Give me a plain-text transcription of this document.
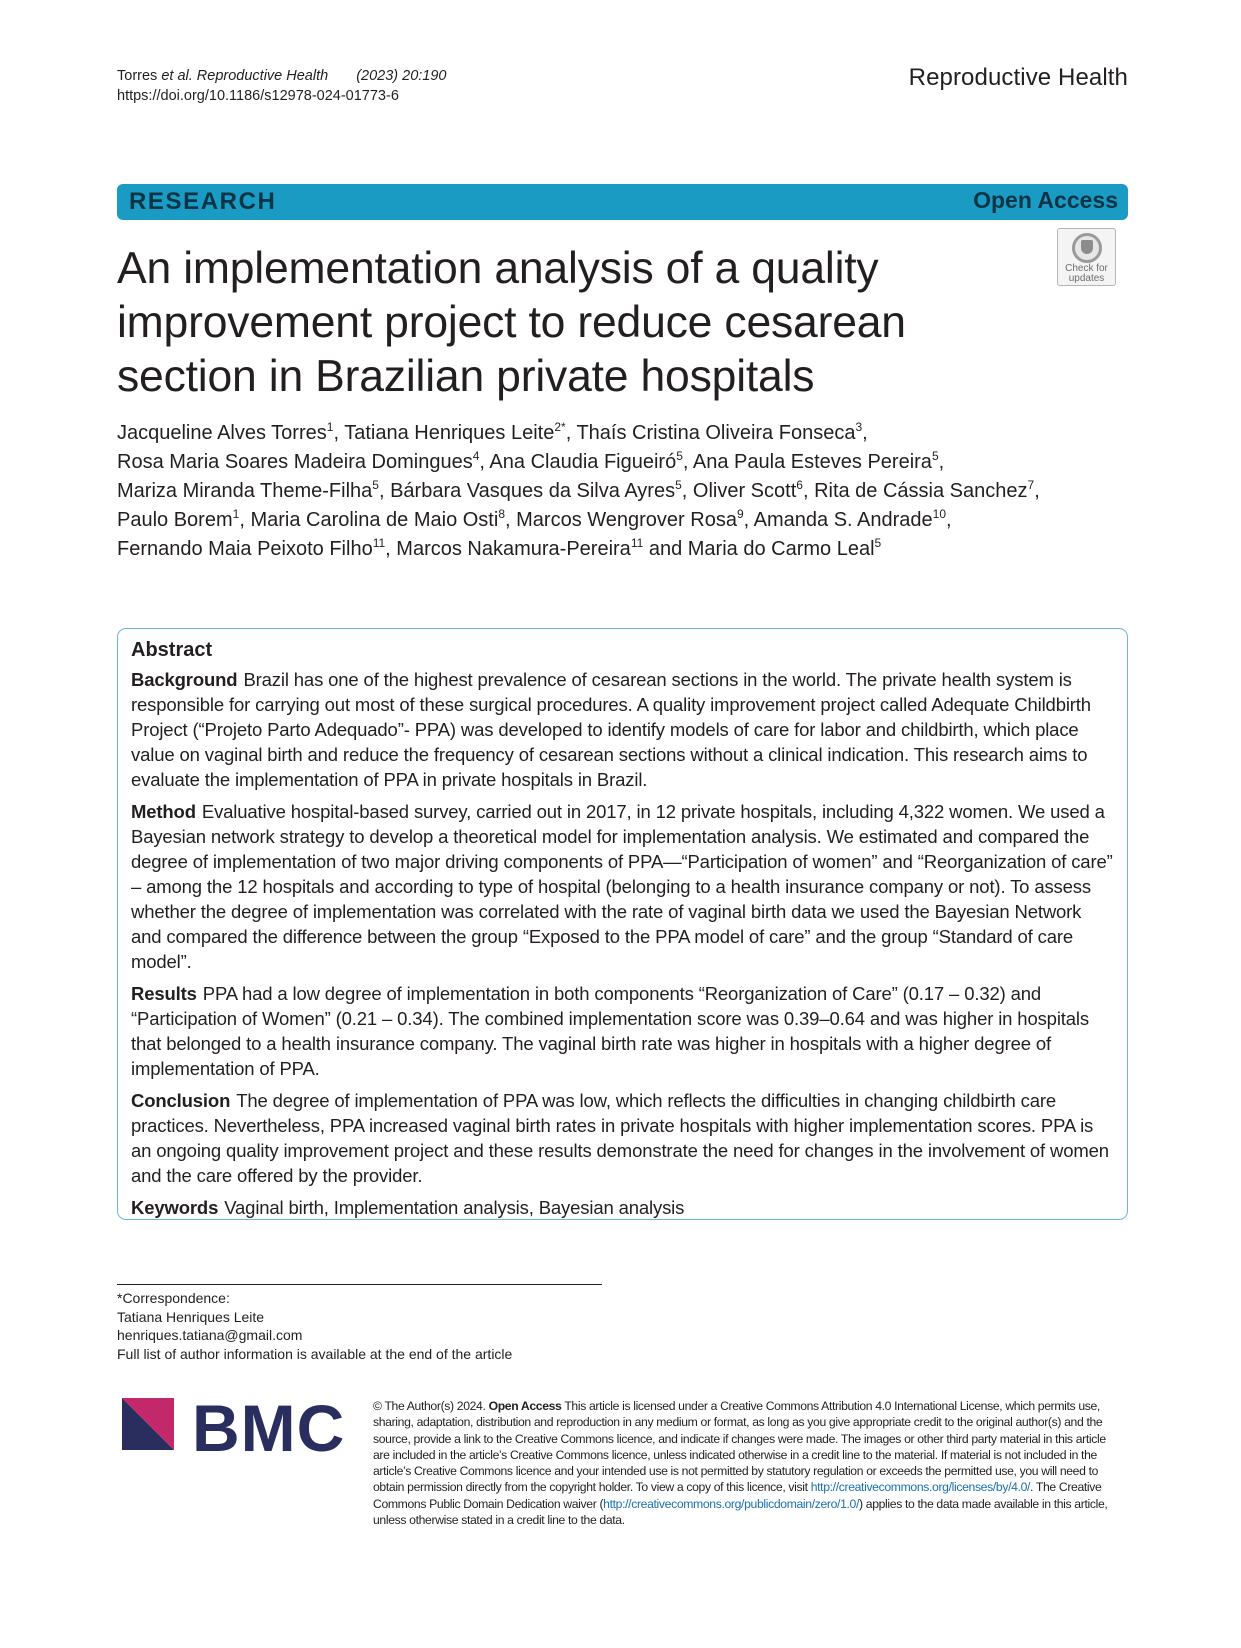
Torres et al. Reproductive Health (2023) 20:190
https://doi.org/10.1186/s12978-024-01773-6
Reproductive Health
RESEARCH	Open Access
Check for
updates
An implementation analysis of a quality improvement project to reduce cesarean section in Brazilian private hospitals
Jacqueline Alves Torres$^1$, Tatiana Henriques Leite$^{2*}$, Thaís Cristina Oliveira Fonseca$^3$,
Rosa Maria Soares Madeira Domingues$^4$, Ana Claudia Figueiró$^5$, Ana Paula Esteves Pereira$^5$,
Mariza Miranda Theme-Filha$^5$, Bárbara Vasques da Silva Ayres$^5$, Oliver Scott$^6$, Rita de Cássia Sanchez$^7$,
Paulo Borem$^1$, Maria Carolina de Maio Osti$^8$, Marcos Wengrover Rosa$^9$, Amanda S. Andrade$^{10}$,
Fernando Maia Peixoto Filho$^{11}$, Marcos Nakamura-Pereira$^{11}$ and Maria do Carmo Leal$^5$
Abstract

Background Brazil has one of the highest prevalence of cesarean sections in the world. The private health system is responsible for carrying out most of these surgical procedures. A quality improvement project called Adequate Childbirth Project (“Projeto Parto Adequado”- PPA) was developed to identify models of care for labor and childbirth, which place value on vaginal birth and reduce the frequency of cesarean sections without a clinical indication. This research aims to evaluate the implementation of PPA in private hospitals in Brazil.

Method Evaluative hospital-based survey, carried out in 2017, in 12 private hospitals, including 4,322 women. We used a Bayesian network strategy to develop a theoretical model for implementation analysis. We estimated and compared the degree of implementation of two major driving components of PPA—“Participation of women” and “Reorganization of care” – among the 12 hospitals and according to type of hospital (belonging to a health insurance company or not). To assess whether the degree of implementation was correlated with the rate of vaginal birth data we used the Bayesian Network and compared the difference between the group “Exposed to the PPA model of care” and the group “Standard of care model”.

Results PPA had a low degree of implementation in both components “Reorganization of Care” (0.17 – 0.32) and “Participation of Women” (0.21 – 0.34). The combined implementation score was 0.39–0.64 and was higher in hospitals that belonged to a health insurance company. The vaginal birth rate was higher in hospitals with a higher degree of implementation of PPA.

Conclusion The degree of implementation of PPA was low, which reflects the difficulties in changing childbirth care practices. Nevertheless, PPA increased vaginal birth rates in private hospitals with higher implementation scores. PPA is an ongoing quality improvement project and these results demonstrate the need for changes in the involvement of women and the care offered by the provider.

Keywords Vaginal birth, Implementation analysis, Bayesian analysis

*Correspondence:
Tatiana Henriques Leite
henriques.tatiana@gmail.com
Full list of author information is available at the end of the article
BMC © The Author(s) 2024. Open Access This article is licensed under a Creative Commons Attribution 4.0 International License, which permits use, sharing, adaptation, distribution and reproduction in any medium or format, as long as you give appropriate credit to the original author(s) and the source, provide a link to the Creative Commons licence, and indicate if changes were made. The images or other third party material in this article are included in the article’s Creative Commons licence, unless indicated otherwise in a credit line to the material. If material is not included in the article’s Creative Commons licence and your intended use is not permitted by statutory regulation or exceeds the permitted use, you will need to obtain permission directly from the copyright holder. To view a copy of this licence, visit http://creativecommons.org/licenses/by/4.0/. The Creative Commons Public Domain Dedication waiver (http://creativecommons.org/publicdomain/zero/1.0/) applies to the data made available in this article, unless otherwise stated in a credit line to the data.
